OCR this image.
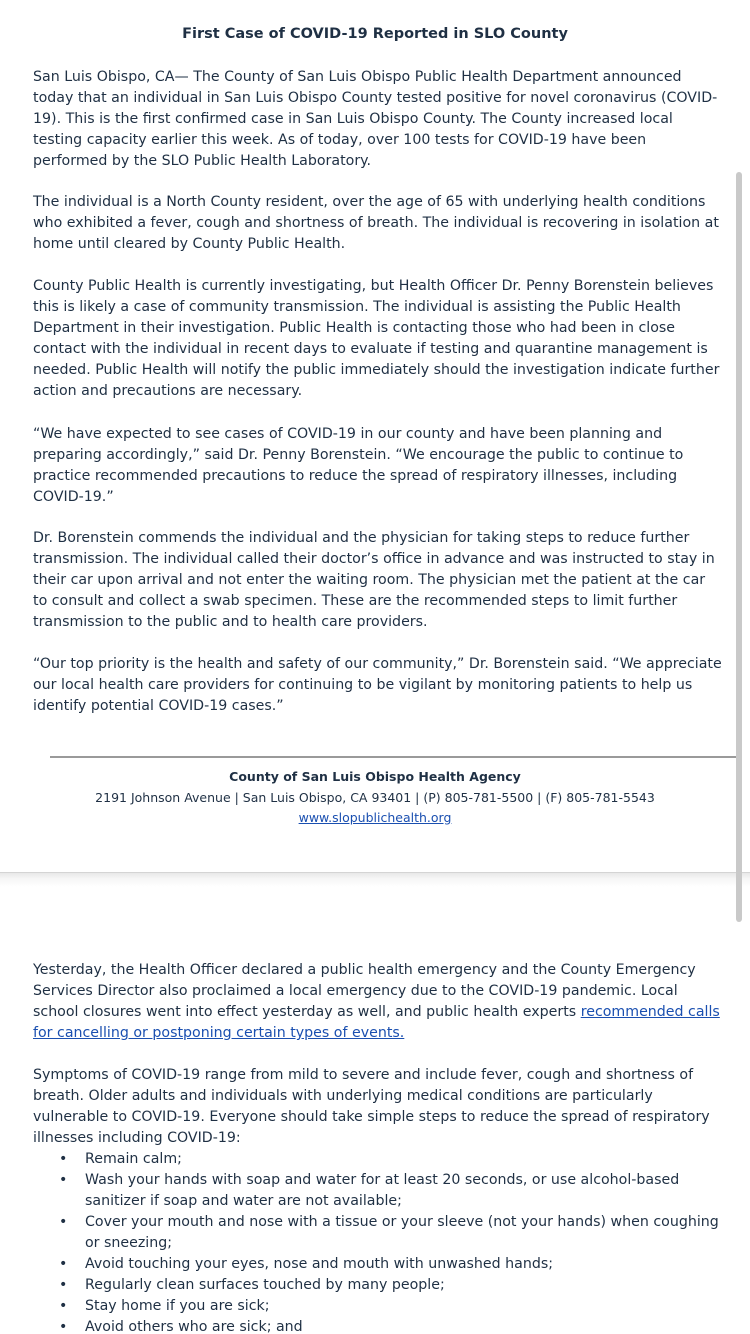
First Case of COVID-19 Reported in SLO County
San Luis Obispo, CA— The County of San Luis Obispo Public Health Department announced today that an individual in San Luis Obispo County tested positive for novel coronavirus (COVID-19). This is the first confirmed case in San Luis Obispo County. The County increased local testing capacity earlier this week. As of today, over 100 tests for COVID-19 have been performed by the SLO Public Health Laboratory.
The individual is a North County resident, over the age of 65 with underlying health conditions who exhibited a fever, cough and shortness of breath. The individual is recovering in isolation at home until cleared by County Public Health.
County Public Health is currently investigating, but Health Officer Dr. Penny Borenstein believes this is likely a case of community transmission. The individual is assisting the Public Health Department in their investigation. Public Health is contacting those who had been in close contact with the individual in recent days to evaluate if testing and quarantine management is needed. Public Health will notify the public immediately should the investigation indicate further action and precautions are necessary.
“We have expected to see cases of COVID-19 in our county and have been planning and preparing accordingly,” said Dr. Penny Borenstein. “We encourage the public to continue to practice recommended precautions to reduce the spread of respiratory illnesses, including COVID-19.”
Dr. Borenstein commends the individual and the physician for taking steps to reduce further transmission. The individual called their doctor’s office in advance and was instructed to stay in their car upon arrival and not enter the waiting room. The physician met the patient at the car to consult and collect a swab specimen. These are the recommended steps to limit further transmission to the public and to health care providers.
“Our top priority is the health and safety of our community,” Dr. Borenstein said. “We appreciate our local health care providers for continuing to be vigilant by monitoring patients to help us identify potential COVID-19 cases.”
County of San Luis Obispo Health Agency
2191 Johnson Avenue | San Luis Obispo, CA 93401 | (P) 805-781-5500 | (F) 805-781-5543
www.slopublichealth.org
Yesterday, the Health Officer declared a public health emergency and the County Emergency Services Director also proclaimed a local emergency due to the COVID-19 pandemic. Local school closures went into effect yesterday as well, and public health experts recommended calls for cancelling or postponing certain types of events.
Symptoms of COVID-19 range from mild to severe and include fever, cough and shortness of breath. Older adults and individuals with underlying medical conditions are particularly vulnerable to COVID-19. Everyone should take simple steps to reduce the spread of respiratory illnesses including COVID-19:
• Remain calm;
• Wash your hands with soap and water for at least 20 seconds, or use alcohol-based sanitizer if soap and water are not available;
• Cover your mouth and nose with a tissue or your sleeve (not your hands) when coughing or sneezing;
• Avoid touching your eyes, nose and mouth with unwashed hands;
• Regularly clean surfaces touched by many people;
• Stay home if you are sick;
• Avoid others who are sick; and
